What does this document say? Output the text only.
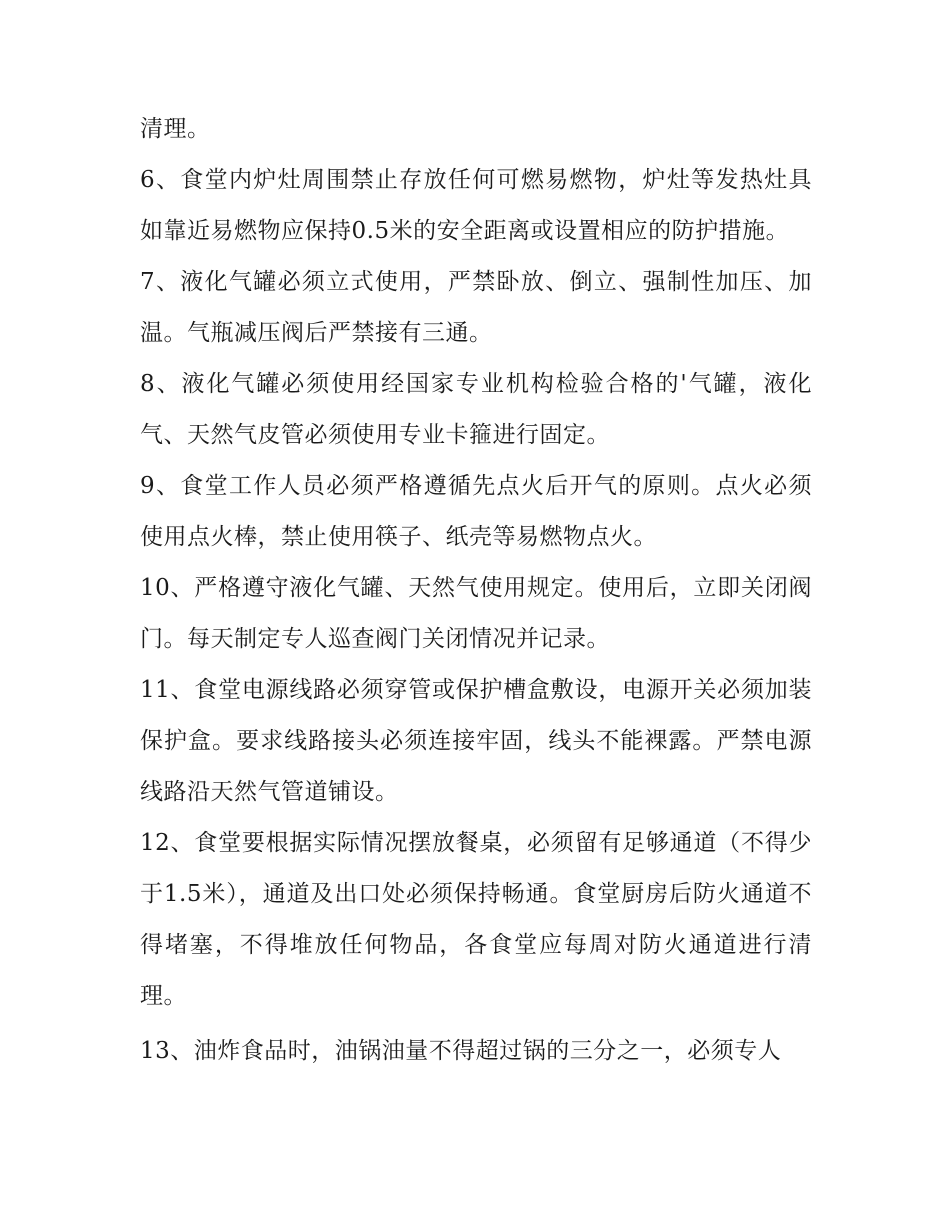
清理。

6、食堂内炉灶周围禁止存放任何可燃易燃物，炉灶等发热灶具如靠近易燃物应保持0.5米的安全距离或设置相应的防护措施。

7、液化气罐必须立式使用，严禁卧放、倒立、强制性加压、加温。气瓶减压阀后严禁接有三通。

8、液化气罐必须使用经国家专业机构检验合格的'气罐，液化气、天然气皮管必须使用专业卡箍进行固定。

9、食堂工作人员必须严格遵循先点火后开气的原则。点火必须使用点火棒，禁止使用筷子、纸壳等易燃物点火。

10、严格遵守液化气罐、天然气使用规定。使用后，立即关闭阀门。每天制定专人巡查阀门关闭情况并记录。

11、食堂电源线路必须穿管或保护槽盒敷设，电源开关必须加装保护盒。要求线路接头必须连接牢固，线头不能裸露。严禁电源线路沿天然气管道铺设。

12、食堂要根据实际情况摆放餐桌，必须留有足够通道（不得少于1.5米），通道及出口处必须保持畅通。食堂厨房后防火通道不得堵塞，不得堆放任何物品，各食堂应每周对防火通道进行清理。

13、油炸食品时，油锅油量不得超过锅的三分之一，必须专人
